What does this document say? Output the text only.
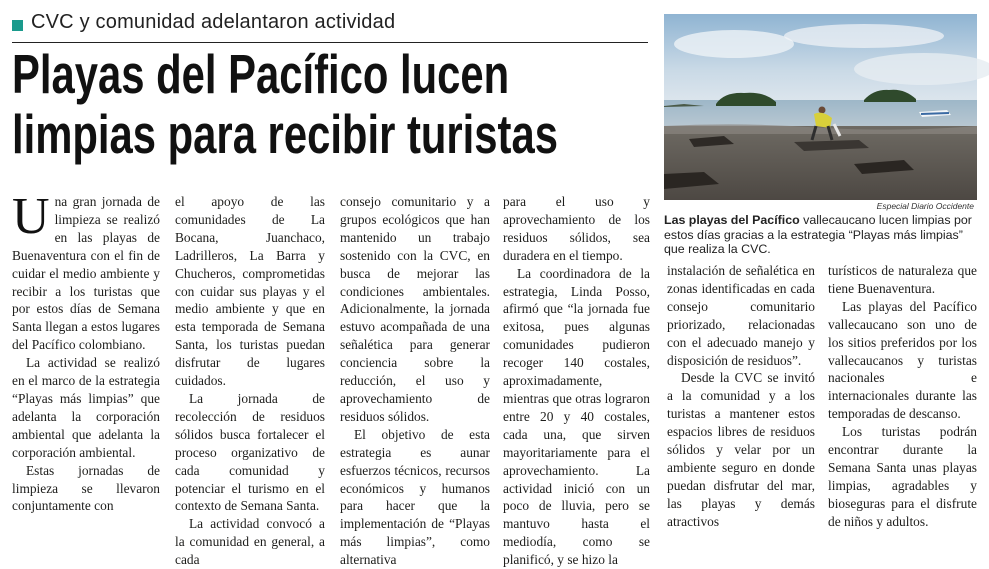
CVC y comunidad adelantaron actividad
Playas del Pacífico lucen
limpias para recibir turistas

Una gran jornada de limpieza se realizó en las playas de Buenaventura con el fin de cuidar el medio ambiente y recibir a los turistas que por estos días de Semana Santa llegan a estos lugares del Pacífico colombiano.

La actividad se realizó en el marco de la estrategia “Playas más limpias” que adelanta la corporación ambiental que adelanta la corporación ambiental.

Estas jornadas de limpieza se llevaron conjuntamente con

el apoyo de las comunidades de La Bocana, Juanchaco, Ladrilleros, La Barra y Chucheros, comprometidas con cuidar sus playas y el medio ambiente y que en esta temporada de Semana Santa, los turistas puedan disfrutar de lugares cuidados.

La jornada de recolección de residuos sólidos busca fortalecer el proceso organizativo de cada comunidad y potenciar el turismo en el contexto de Semana Santa.

La actividad convocó a la comunidad en general, a cada

consejo comunitario y a grupos ecológicos que han mantenido un trabajo sostenido con la CVC, en busca de mejorar las condiciones ambientales. Adicionalmente, la jornada estuvo acompañada de una señalética para generar conciencia sobre la reducción, el uso y aprovechamiento de residuos sólidos.

El objetivo de esta estrategia es aunar esfuerzos técnicos, recursos económicos y humanos para hacer que la implementación de “Playas más limpias”, como alternativa

para el uso y aprovechamiento de los residuos sólidos, sea duradera en el tiempo.

La coordinadora de la estrategia, Linda Posso, afirmó que “la jornada fue exitosa, pues algunas comunidades pudieron recoger 140 costales, aproximadamente, mientras que otras lograron entre 20 y 40 costales, cada una, que sirven mayoritariamente para el aprovechamiento. La actividad inició con un poco de lluvia, pero se mantuvo hasta el mediodía, como se planificó, y se hizo la

Especial Diario Occidente
Las playas del Pacífico vallecaucano lucen limpias por estos días gracias a la estrategia “Playas más limpias” que realiza la CVC.

instalación de señalética en zonas identificadas en cada consejo comunitario priorizado, relacionadas con el adecuado manejo y disposición de residuos”.

Desde la CVC se invitó a la comunidad y a los turistas a mantener estos espacios libres de residuos sólidos y velar por un ambiente seguro en donde puedan disfrutar del mar, las playas y demás atractivos

turísticos de naturaleza que tiene Buenaventura.

Las playas del Pacífico vallecaucano son uno de los sitios preferidos por los vallecaucanos y turistas nacionales e internacionales durante las temporadas de descanso.

Los turistas podrán encontrar durante la Semana Santa unas playas limpias, agradables y bioseguras para el disfrute de niños y adultos.
